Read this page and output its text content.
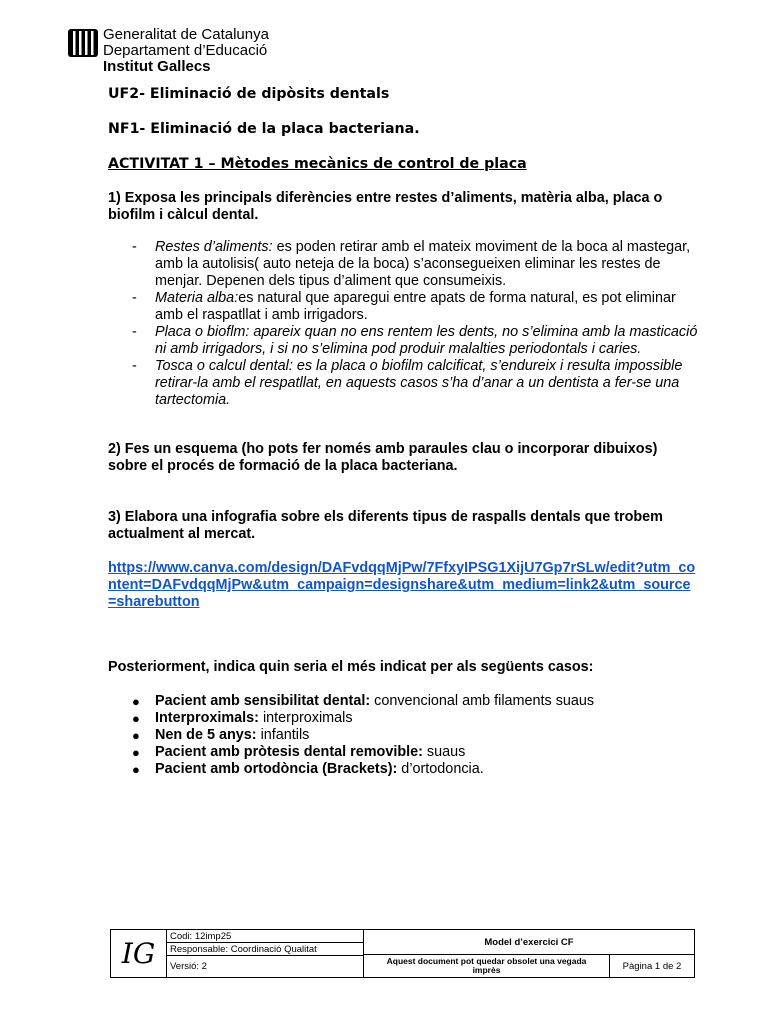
Generalitat de Catalunya
Departament d’Educació
Institut Gallecs
UF2- Eliminació de dipòsits dentals
NF1- Eliminació de la placa bacteriana.
ACTIVITAT 1 – Mètodes mecànics de control de placa
1) Exposa les principals diferències entre restes d’aliments, matèria alba, placa o biofilm i càlcul dental.
- Restes d’aliments: es poden retirar amb el mateix moviment de la boca al mastegar, amb la autolisis( auto neteja de la boca) s’aconsegueixen eliminar les restes de menjar. Depenen dels tipus d’aliment que consumeixis.
- Materia alba:es natural que aparegui entre apats de forma natural, es pot eliminar amb el raspatllat i amb irrigadors.
- Placa o bioflm: apareix quan no ens rentem les dents, no s’elimina amb la masticació ni amb irrigadors, i si no s’elimina pod produir malalties periodontals i caries.
- Tosca o calcul dental: es la placa o biofilm calcificat, s’endureix i resulta impossible retirar-la amb el respatllat, en aquests casos s’ha d’anar a un dentista a fer-se una tartectomia.
2) Fes un esquema (ho pots fer només amb paraules clau o incorporar dibuixos) sobre el procés de formació de la placa bacteriana.
3) Elabora una infografia sobre els diferents tipus de raspalls dentals que trobem actualment al mercat.
https://www.canva.com/design/DAFvdqqMjPw/7FfxyIPSG1XijU7Gp7rSLw/edit?utm_content=DAFvdqqMjPw&utm_campaign=designshare&utm_medium=link2&utm_source=sharebutton
Posteriorment, indica quin seria el més indicat per als següents casos:
● Pacient amb sensibilitat dental: convencional amb filaments suaus
● Interproximals: interproximals
● Nen de 5 anys: infantils
● Pacient amb pròtesis dental removible: suaus
● Pacient amb ortodòncia (Brackets): d’ortodoncia.
IG
Codi: 12imp25
Responsable: Coordinació Qualitat
Versió: 2
Model d’exercici CF
Aquest document pot quedar obsolet una vegada imprès	Pàgina 1 de 2
